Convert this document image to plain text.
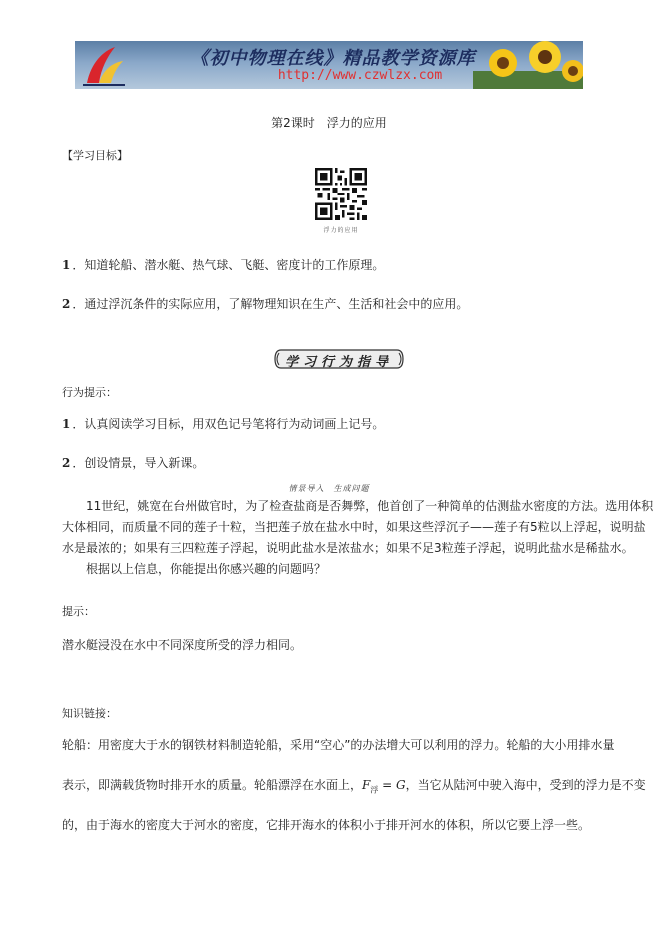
《初中物理在线》精品教学资源库
http://www.czwlzx.com
第2课时　浮力的应用
【学习目标】
浮力的应用
1 ．知道轮船、潜水艇、热气球、飞艇、密度计的工作原理。
2 ．通过浮沉条件的实际应用，了解物理知识在生产、生活和社会中的应用。
学习行为指导
行为提示：
1 ．认真阅读学习目标，用双色记号笔将行为动词画上记号。
2 ．创设情景，导入新课。
情景导入　生成问题
11世纪，姚宽在台州做官时，为了检查盐商是否舞弊，他首创了一种简单的估测盐水密度的方法。选用体积
大体相同，而质量不同的莲子十粒，当把莲子放在盐水中时，如果这些浮沉子——莲子有5粒以上浮起，说明盐
水是最浓的；如果有三四粒莲子浮起，说明此盐水是浓盐水；如果不足3粒莲子浮起，说明此盐水是稀盐水。
根据以上信息，你能提出你感兴趣的问题吗？
提示：
潜水艇浸没在水中不同深度所受的浮力相同。
知识链接：
轮船：用密度大于水的钢铁材料制造轮船，采用“空心”的办法增大可以利用的浮力。轮船的大小用排水量
表示，即满载货物时排开水的质量。轮船漂浮在水面上，$F_浮 = G$，当它从陆河中驶入海中，受到的浮力是不变
的，由于海水的密度大于河水的密度，它排开海水的体积小于排开河水的体积，所以它要上浮一些。
